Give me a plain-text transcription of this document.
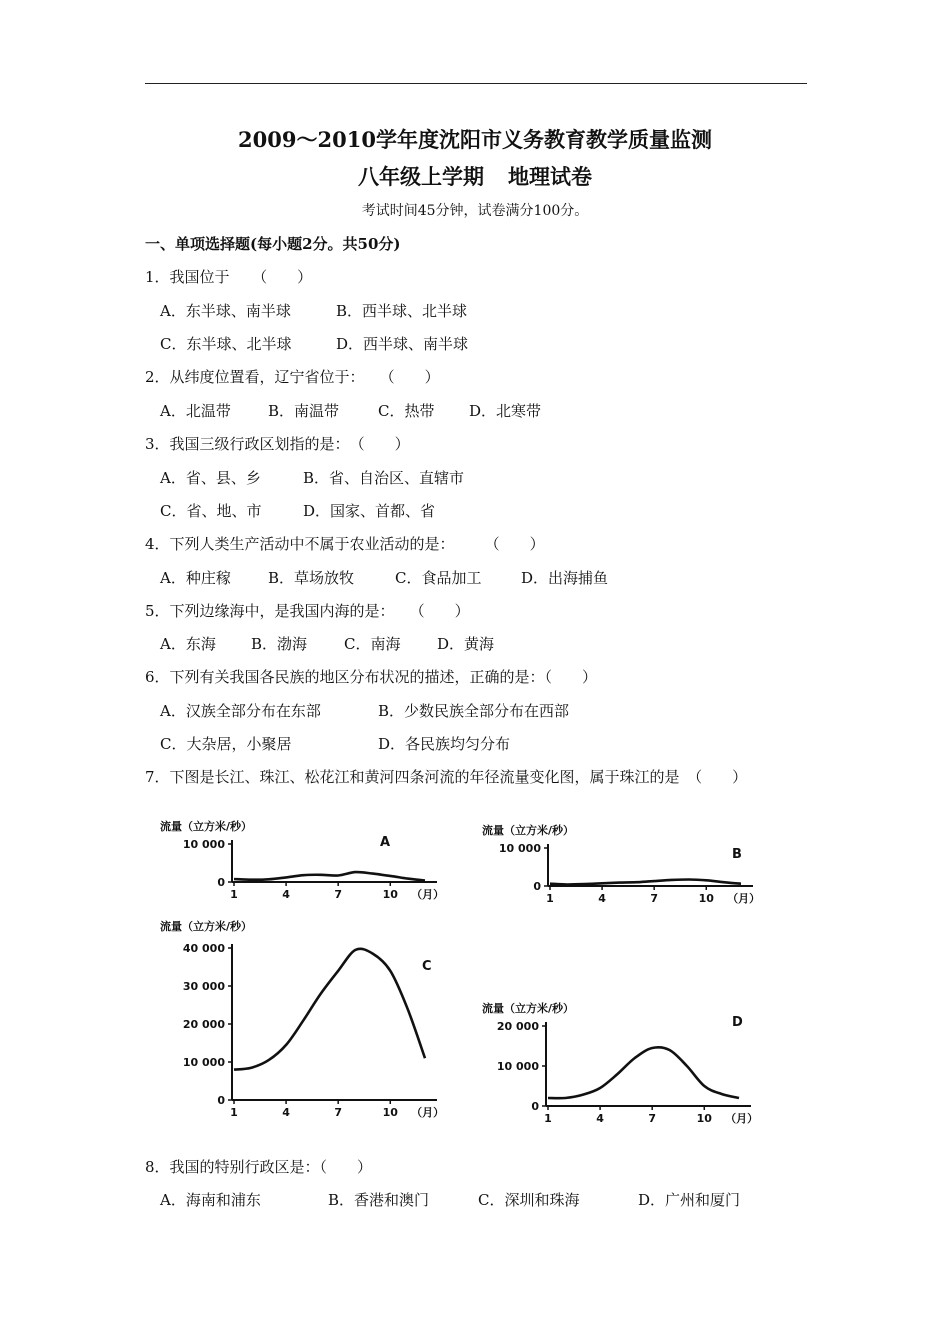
2009～2010学年度沈阳市义务教育教学质量监测
八年级上学期 地理试卷
考试时间45分钟，试卷满分100分。
一、单项选择题(每小题2分。共50分)
1．我国位于　　 （　　）
A．东半球、南半球	B．西半球、北半球
C．东半球、北半球	D．西半球、南半球
2．从纬度位置看，辽宁省位于：　　 （　　）
A．北温带 B．南温带	C．热带 D．北寒带
3．我国三级行政区划指的是：　 （　　）
A．省、县、乡	B．省、自治区、直辖市
C．省、地、市	D．国家、首都、省
4．下列人类生产活动中不属于农业活动的是：　　　	（　　）
A．种庄稼 B．草场放牧	C．食品加工	D．出海捕鱼
5．下列边缘海中，是我国内海的是：　　 （　　）
A．东海 B．渤海 C．南海 D．黄海
6．下列有关我国各民族的地区分布状况的描述，正确的是：（　　）
A．汉族全部分布在东部	B．少数民族全部分布在西部
C．大杂居，小聚居	D．各民族均匀分布
7．下图是长江、珠江、松花江和黄河四条河流的年径流量变化图，属于珠江的是　 （　　）
流量（立方米/秒）
A
10 000
0
1	4	7	10 （月）
流量（立方米/秒）
B
10 000
0
1	4	7	10 （月）
流量（立方米/秒）
C
40 000
30 000
20 000
10 000
0
1	4	7	10 （月）
流量（立方米/秒）
D
20 000
10 000
0
1	4	7	10 （月）
8．我国的特别行政区是：（　　）
A．海南和浦东	B．香港和澳门	C．深圳和珠海	D．广州和厦门
